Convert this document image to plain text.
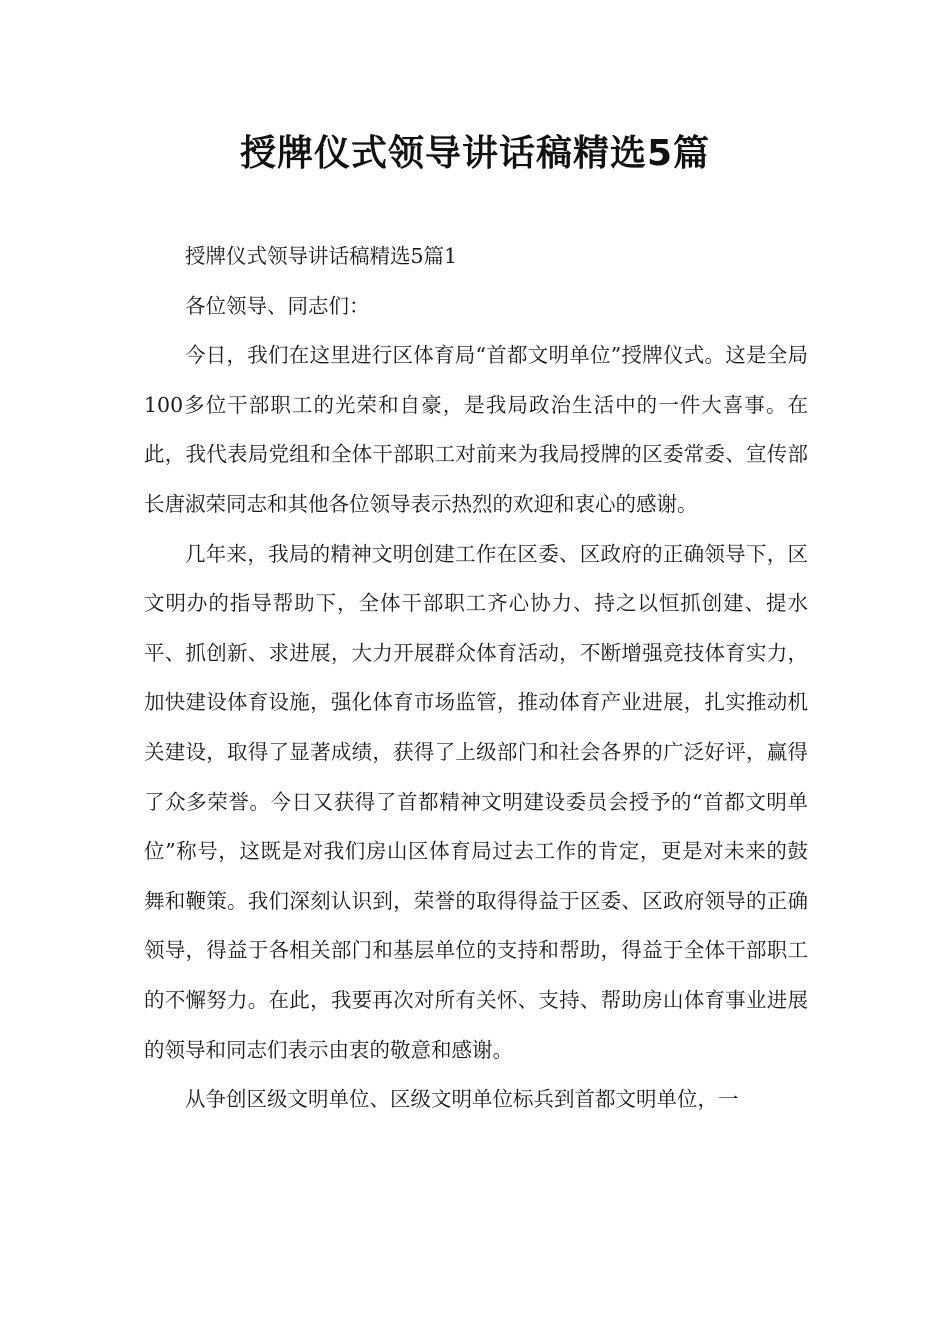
授牌仪式领导讲话稿精选5篇

授牌仪式领导讲话稿精选5篇1

各位领导、同志们：

今日，我们在这里进行区体育局“首都文明单位”授牌仪式。这是全局100多位干部职工的光荣和自豪，是我局政治生活中的一件大喜事。在此，我代表局党组和全体干部职工对前来为我局授牌的区委常委、宣传部长唐淑荣同志和其他各位领导表示热烈的欢迎和衷心的感谢。

几年来，我局的精神文明创建工作在区委、区政府的正确领导下，区文明办的指导帮助下，全体干部职工齐心协力、持之以恒抓创建、提水平、抓创新、求进展，大力开展群众体育活动，不断增强竞技体育实力，加快建设体育设施，强化体育市场监管，推动体育产业进展，扎实推动机关建设，取得了显著成绩，获得了上级部门和社会各界的广泛好评，赢得了众多荣誉。今日又获得了首都精神文明建设委员会授予的“首都文明单位”称号，这既是对我们房山区体育局过去工作的肯定，更是对未来的鼓舞和鞭策。我们深刻认识到，荣誉的取得得益于区委、区政府领导的正确领导，得益于各相关部门和基层单位的支持和帮助，得益于全体干部职工的不懈努力。在此，我要再次对所有关怀、支持、帮助房山体育事业进展的领导和同志们表示由衷的敬意和感谢。

从争创区级文明单位、区级文明单位标兵到首都文明单位，一
